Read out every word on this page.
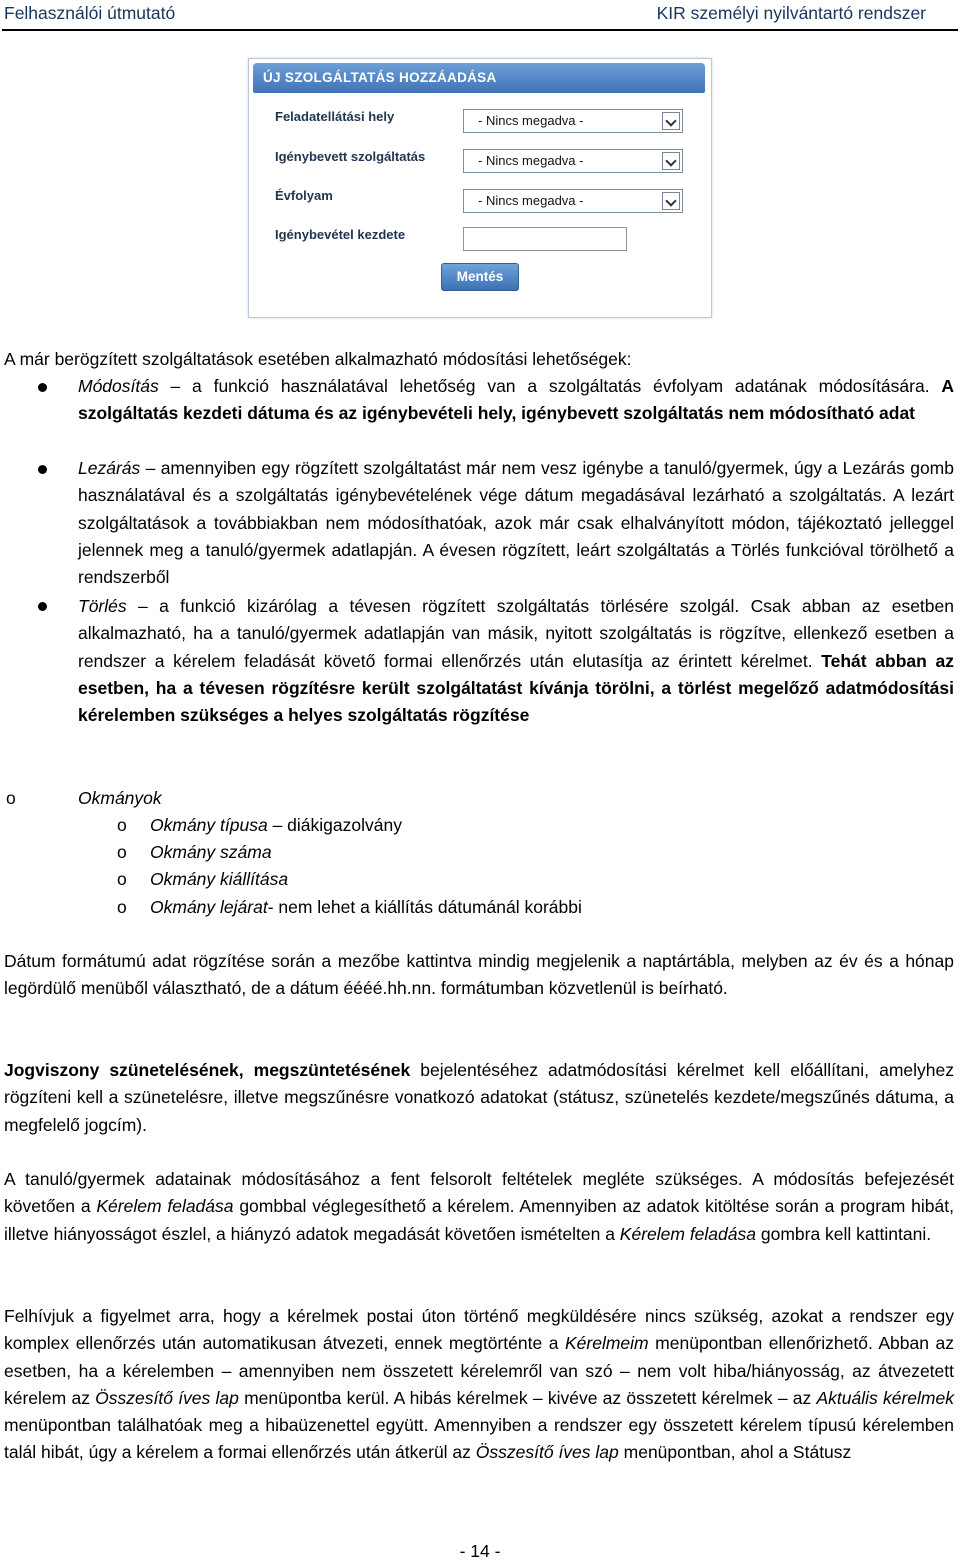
Felhasználói útmutató	KIR személyi nyilvántartó rendszer
ÚJ SZOLGÁLTATÁS HOZZÁADÁSA
Feladatellátási hely	- Nincs megadva -
Igénybevett szolgáltatás	- Nincs megadva -
Évfolyam	- Nincs megadva -
Igénybevétel kezdete
Mentés
A már berögzített szolgáltatások esetében alkalmazható módosítási lehetőségek:
Módosítás – a funkció használatával lehetőség van a szolgáltatás évfolyam adatának módosítására. A szolgáltatás kezdeti dátuma és az igénybevételi hely, igénybevett szolgáltatás nem módosítható adat
Lezárás – amennyiben egy rögzített szolgáltatást már nem vesz igénybe a tanuló/gyermek, úgy a Lezárás gomb használatával és a szolgáltatás igénybevételének vége dátum megadásával lezárható a szolgáltatás. A lezárt szolgáltatások a továbbiakban nem módosíthatóak, azok már csak elhalványított módon, tájékoztató jelleggel jelennek meg a tanuló/gyermek adatlapján. A évesen rögzített, leárt szolgáltatás a Törlés funkcióval törölhető a rendszerből
Törlés – a funkció kizárólag a tévesen rögzített szolgáltatás törlésére szolgál. Csak abban az esetben alkalmazható, ha a tanuló/gyermek adatlapján van másik, nyitott szolgáltatás is rögzítve, ellenkező esetben a rendszer a kérelem feladását követő formai ellenőrzés után elutasítja az érintett kérelmet. Tehát abban az esetben, ha a tévesen rögzítésre került szolgáltatást kívánja törölni, a törlést megelőző adatmódosítási kérelemben szükséges a helyes szolgáltatás rögzítése
o	Okmányok
o Okmány típusa – diákigazolvány
o Okmány száma
o Okmány kiállítása
o Okmány lejárat- nem lehet a kiállítás dátumánál korábbi
Dátum formátumú adat rögzítése során a mezőbe kattintva mindig megjelenik a naptártábla, melyben az év és a hónap legördülő menüből választható, de a dátum éééé.hh.nn. formátumban közvetlenül is beírható.
Jogviszony szünetelésének, megszüntetésének bejelentéséhez adatmódosítási kérelmet kell előállítani, amelyhez rögzíteni kell a szünetelésre, illetve megszűnésre vonatkozó adatokat (státusz, szünetelés kezdete/megszűnés dátuma, a megfelelő jogcím).
A tanuló/gyermek adatainak módosításához a fent felsorolt feltételek megléte szükséges. A módosítás befejezését követően a Kérelem feladása gombbal véglegesíthető a kérelem. Amennyiben az adatok kitöltése során a program hibát, illetve hiányosságot észlel, a hiányzó adatok megadását követően ismételten a Kérelem feladása gombra kell kattintani.
Felhívjuk a figyelmet arra, hogy a kérelmek postai úton történő megküldésére nincs szükség, azokat a rendszer egy komplex ellenőrzés után automatikusan átvezeti, ennek megtörténte a Kérelmeim menüpontban ellenőrizhető. Abban az esetben, ha a kérelemben – amennyiben nem összetett kérelemről van szó – nem volt hiba/hiányosság, az átvezetett kérelem az Összesítő íves lap menüpontba kerül. A hibás kérelmek – kivéve az összetett kérelmek – az Aktuális kérelmek menüpontban találhatóak meg a hibaüzenettel együtt. Amennyiben a rendszer egy összetett kérelem típusú kérelemben talál hibát, úgy a kérelem a formai ellenőrzés után átkerül az Összesítő íves lap menüpontban, ahol a Státusz
- 14 -
